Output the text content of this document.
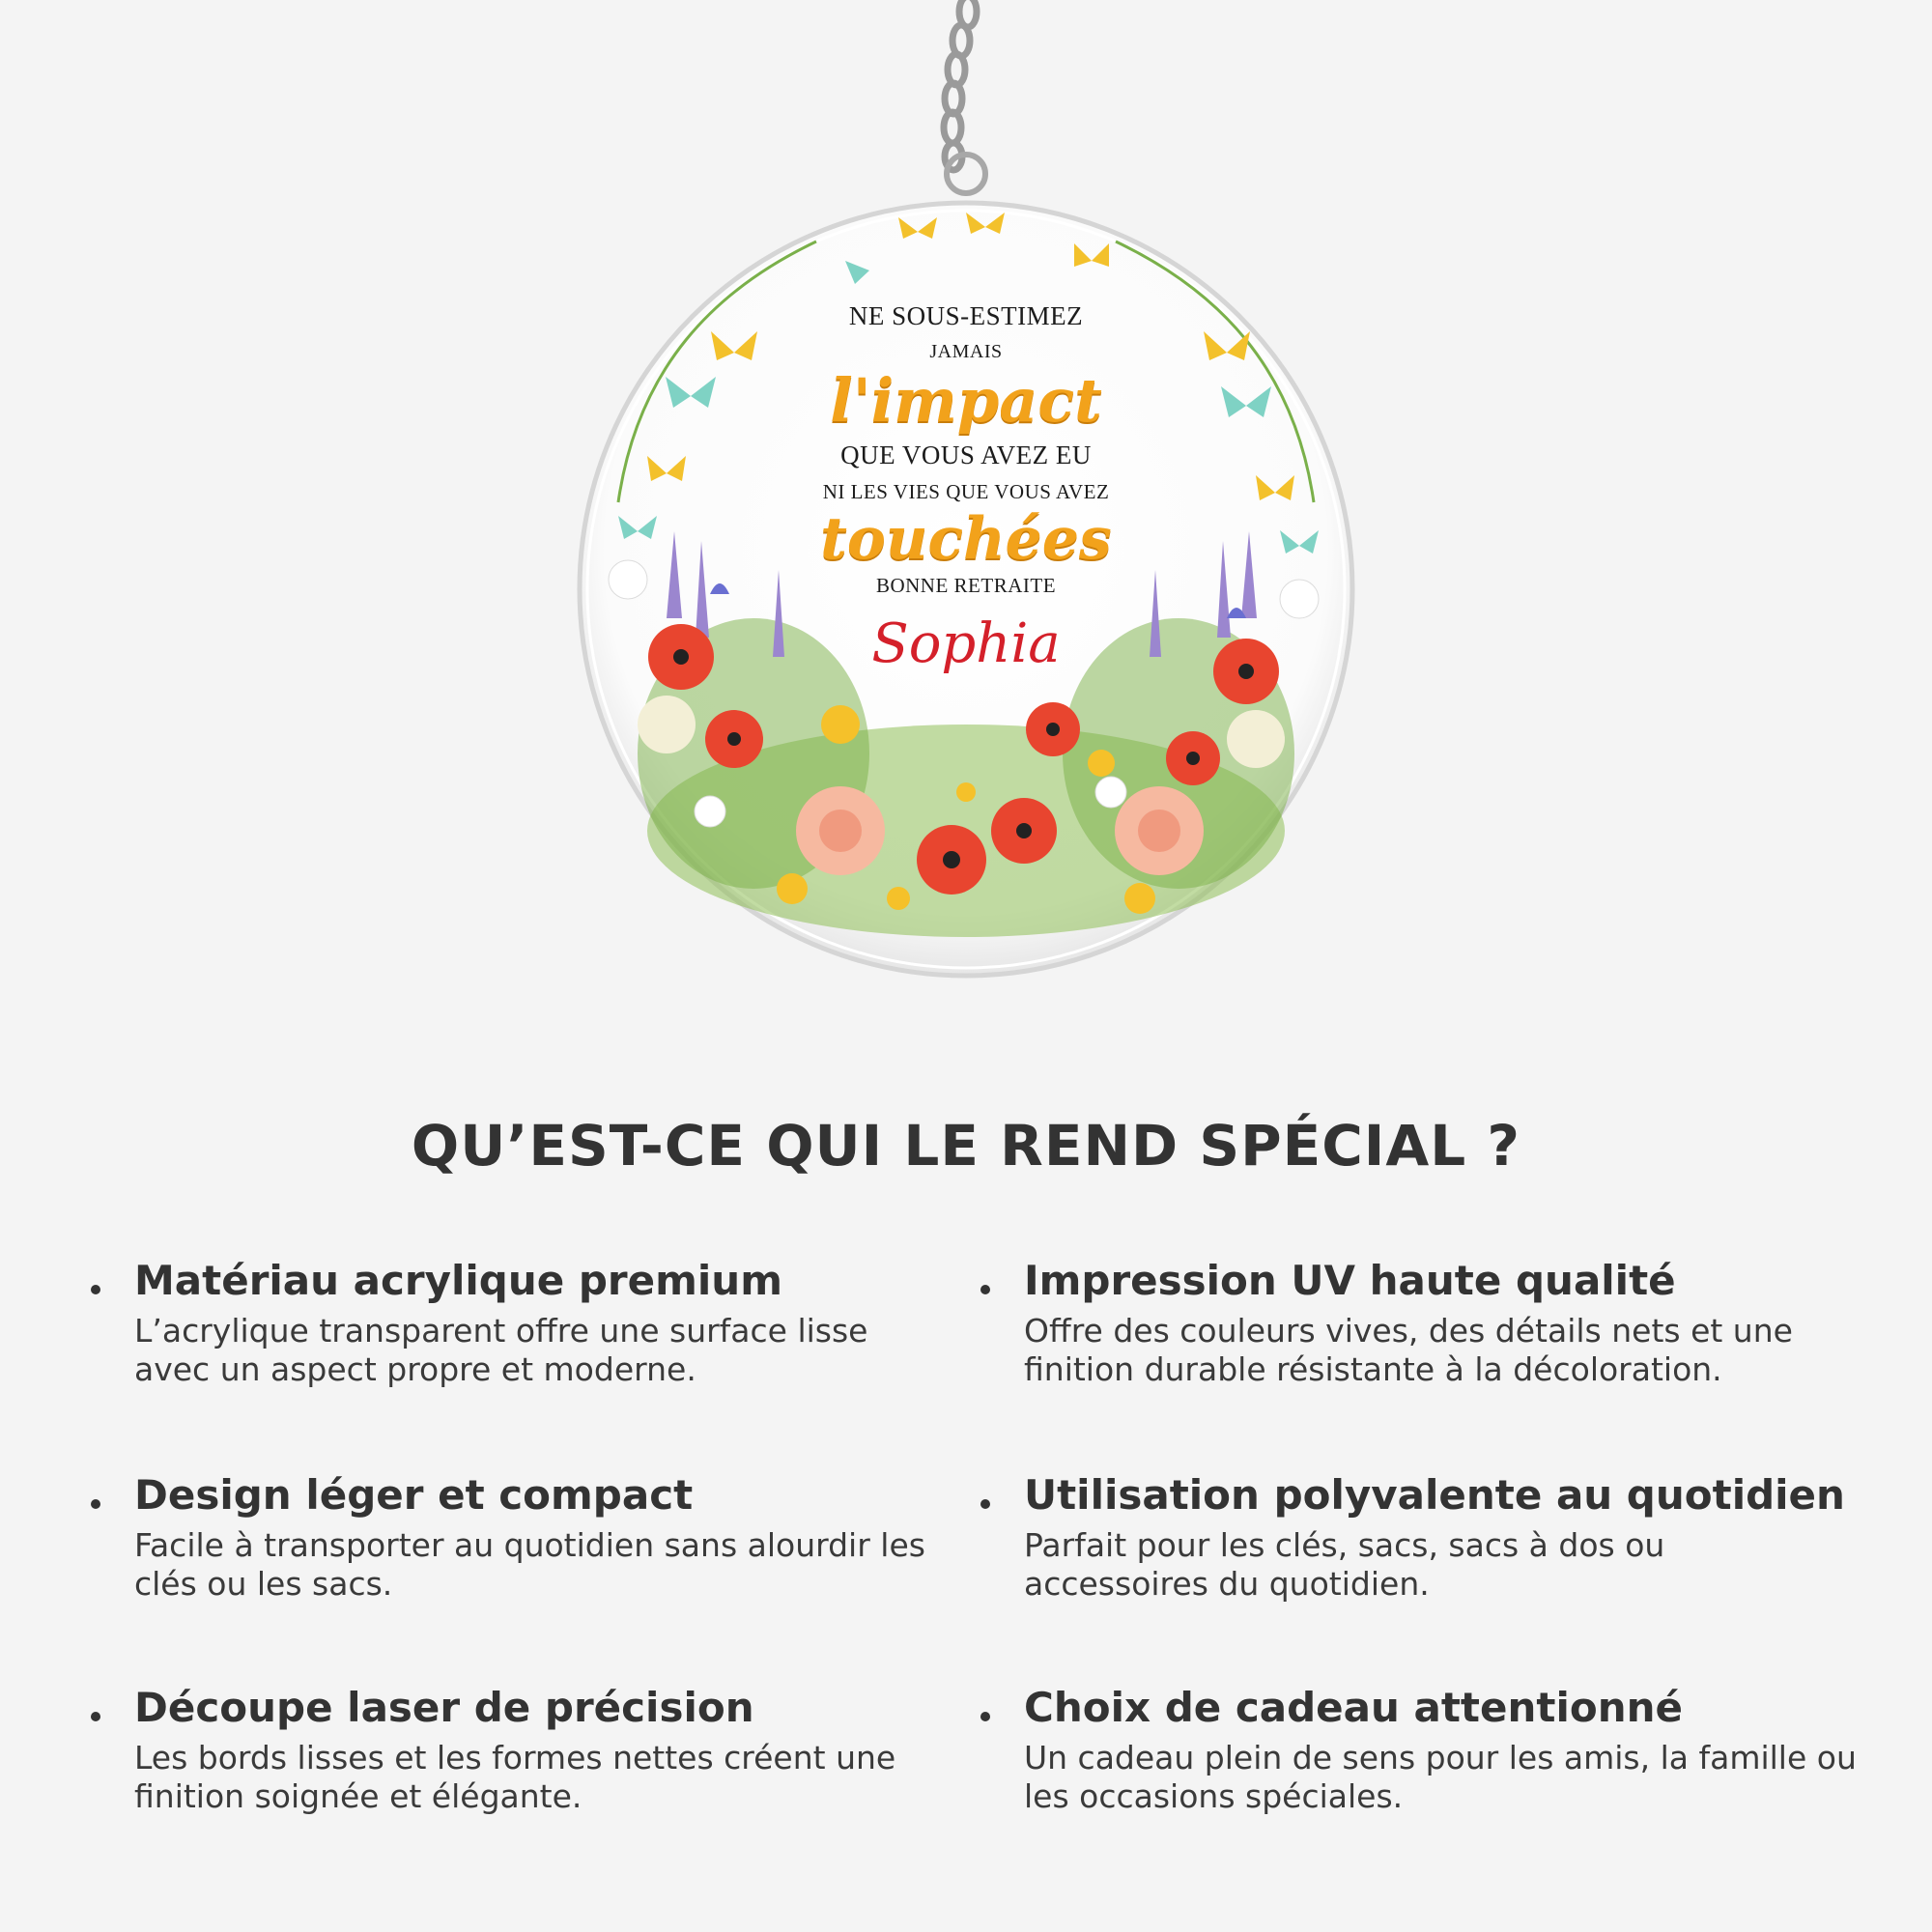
NE SOUS-ESTIMEZ
JAMAIS
l'impact
QUE VOUS AVEZ EU
NI LES VIES QUE VOUS AVEZ
touchées
BONNE RETRAITE
Sophia
QU’EST-CE QUI LE REND SPÉCIAL ?
Matériau acrylique premium
L’acrylique transparent offre une surface lisse avec un aspect propre et moderne.
Impression UV haute qualité
Offre des couleurs vives, des détails nets et une finition durable résistante à la décoloration.
Design léger et compact
Facile à transporter au quotidien sans alourdir les clés ou les sacs.
Utilisation polyvalente au quotidien
Parfait pour les clés, sacs, sacs à dos ou accessoires du quotidien.
Découpe laser de précision
Les bords lisses et les formes nettes créent une finition soignée et élégante.
Choix de cadeau attentionné
Un cadeau plein de sens pour les amis, la famille ou les occasions spéciales.
